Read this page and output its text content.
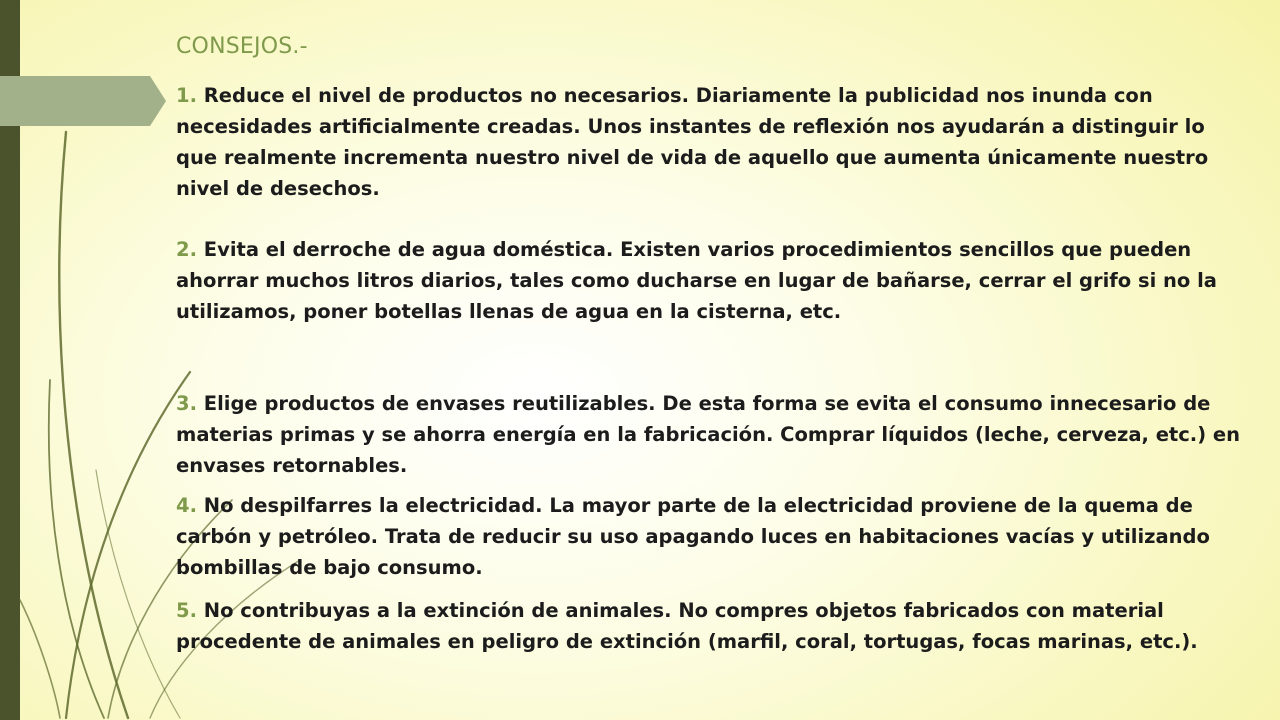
CONSEJOS.-

1. Reduce el nivel de productos no necesarios. Diariamente la publicidad nos inunda con necesidades artificialmente creadas. Unos instantes de reflexión nos ayudarán a distinguir lo que realmente incrementa nuestro nivel de vida de aquello que aumenta únicamente nuestro nivel de desechos.

2. Evita el derroche de agua doméstica. Existen varios procedimientos sencillos que pueden ahorrar muchos litros diarios, tales como ducharse en lugar de bañarse, cerrar el grifo si no la utilizamos, poner botellas llenas de agua en la cisterna, etc.

3. Elige productos de envases reutilizables. De esta forma se evita el consumo innecesario de materias primas y se ahorra energía en la fabricación. Comprar líquidos (leche, cerveza, etc.) en envases retornables.

4. No despilfarres la electricidad. La mayor parte de la electricidad proviene de la quema de carbón y petróleo. Trata de reducir su uso apagando luces en habitaciones vacías y utilizando bombillas de bajo consumo.

5. No contribuyas a la extinción de animales. No compres objetos fabricados con material procedente de animales en peligro de extinción (marfil, coral, tortugas, focas marinas, etc.).
